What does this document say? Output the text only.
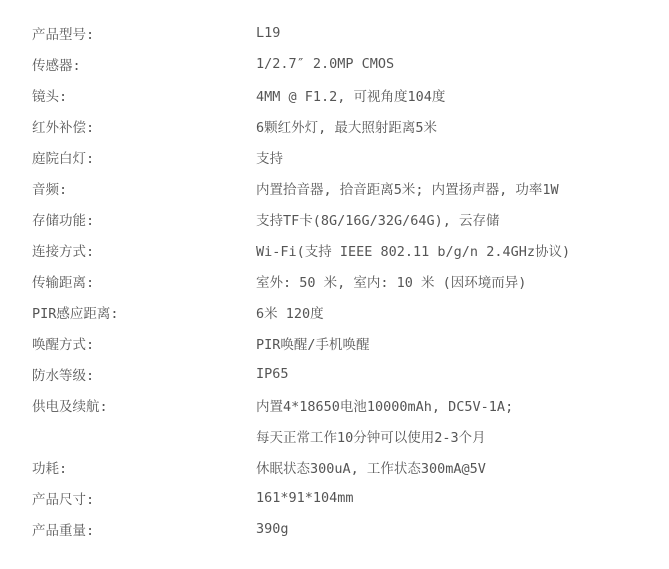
产品型号:	L19
传感器:	1/2.7″ 2.0MP CMOS
镜头:	4MM @ F1.2, 可视角度104度
红外补偿:	6颗红外灯, 最大照射距离5米
庭院白灯:	支持
音频:	内置拾音器, 拾音距离5米; 内置扬声器, 功率1W
存储功能:	支持TF卡(8G/16G/32G/64G), 云存储
连接方式:	Wi-Fi(支持 IEEE 802.11 b/g/n 2.4GHz协议)
传输距离:	室外: 50 米, 室内: 10 米 (因环境而异)
PIR感应距离:	6米 120度
唤醒方式:	PIR唤醒/手机唤醒
防水等级:	IP65
供电及续航:	内置4*18650电池10000mAh, DC5V-1A;
每天正常工作10分钟可以使用2-3个月
功耗:	休眠状态300uA, 工作状态300mA@5V
产品尺寸:	161*91*104mm
产品重量:	390g
